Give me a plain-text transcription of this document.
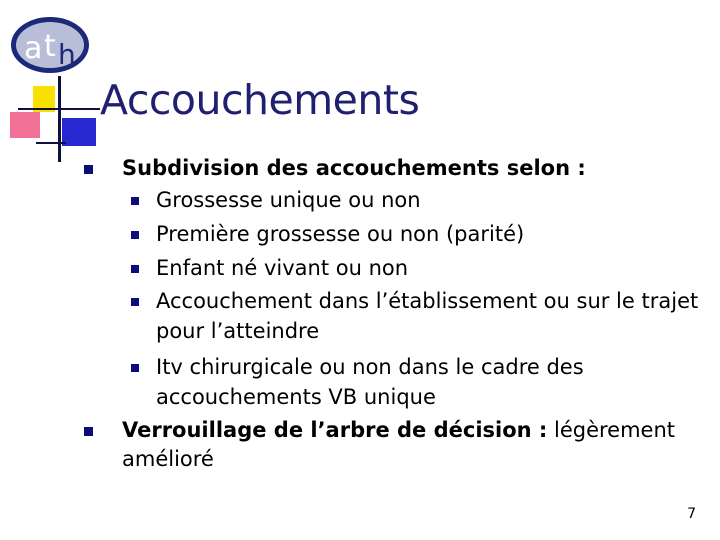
a t h
Accouchements
Subdivision des accouchements selon :
Grossesse unique ou non
Première grossesse ou non (parité)
Enfant né vivant ou non
Accouchement dans l’établissement ou sur le trajet
pour l’atteindre
Itv chirurgicale ou non dans le cadre des
accouchements VB unique
Verrouillage de l’arbre de décision : légèrement
amélioré
7
